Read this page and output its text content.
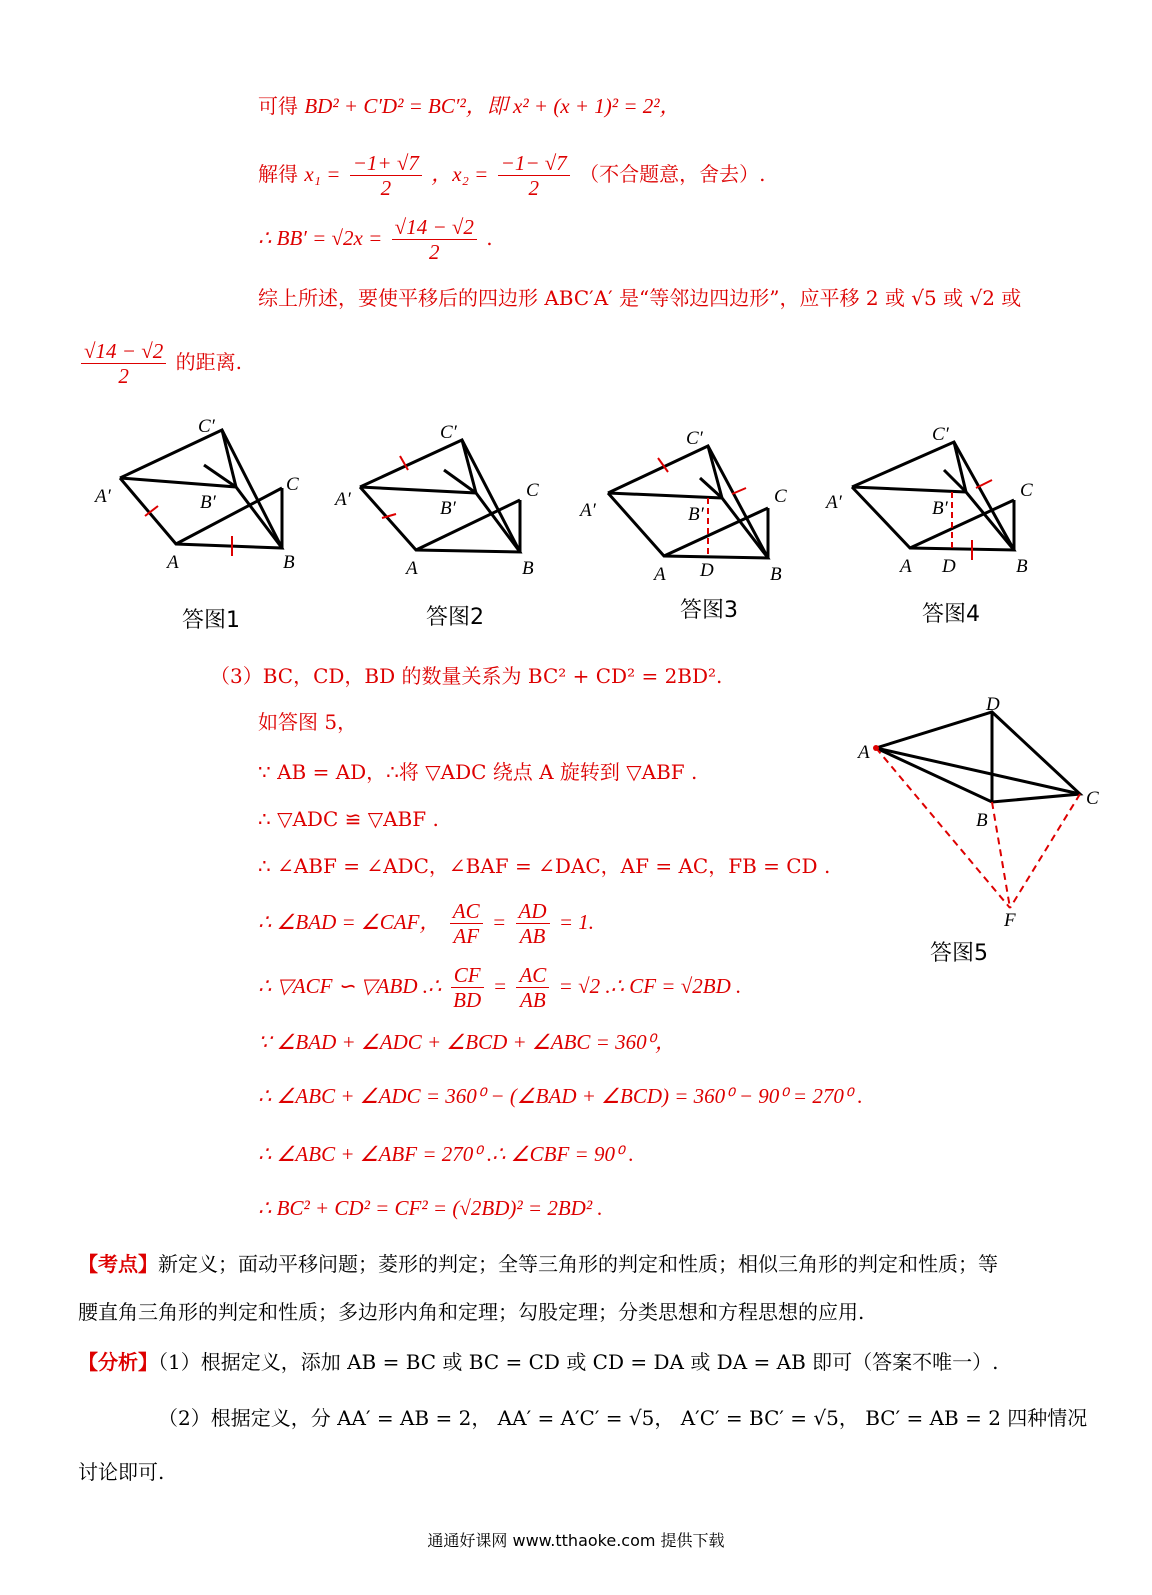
可得 BD² + C′D² = BC′²，即 x² + (x + 1)² = 2²，
解得 $x_1 = \frac{-1+ √7}{2}$ ，$x_2 = \frac{-1- √7}{2}$ （不合题意，舍去）.
∴ $BB' = √2x = \frac{√14 - √2}{2}$ .
综上所述，要使平移后的四边形 ABC′A′ 是“等邻边四边形”，应平移 2 或 √5 或 √2 或
$\frac{√14 - √2}{2}$ 的距离.
A′
C′
B′
C
A	B
A′
C′
B′
C
A	B
A′
C′
B′
C
A D	B
A′
C′
B′
C
A D	B
答图1	答图2	答图3	答图4
（3）BC，CD，BD 的数量关系为 BC² + CD² = 2BD².
如答图 5，
∵ AB = AD，∴将 ▽ADC 绕点 A 旋转到 ▽ABF .
∴ ▽ADC ≌ ▽ABF .
∴ ∠ABF = ∠ADC，∠BAF = ∠DAC，AF = AC，FB = CD .
∴ ∠BAD = ∠CAF， $\frac{AC}{AF} = \frac{AD}{AB} = 1$.
∴ ▽ACF ∽ ▽ABD .∴ $\frac{CF}{BD} = \frac{AC}{AB} = √2$ .∴ CF = √2BD .
∵ ∠BAD + ∠ADC + ∠BCD + ∠ABC = 360⁰，
∴ ∠ABC + ∠ADC = 360⁰ − (∠BAD + ∠BCD) = 360⁰ − 90⁰ = 270⁰ .
∴ ∠ABC + ∠ABF = 270⁰ .∴ ∠CBF = 90⁰ .
∴ BC² + CD² = CF² = (√2BD)² = 2BD² .
A
D
C
B
F
答图5
【考点】新定义；面动平移问题；菱形的判定；全等三角形的判定和性质；相似三角形的判定和性质；等
腰直角三角形的判定和性质；多边形内角和定理；勾股定理；分类思想和方程思想的应用.
【分析】（1）根据定义，添加 AB = BC 或 BC = CD 或 CD = DA 或 DA = AB 即可（答案不唯一）.
（2）根据定义，分 AA′ = AB = 2， AA′ = A′C′ = √5， A′C′ = BC′ = √5， BC′ = AB = 2 四种情况
讨论即可.
通通好课网 www.tthaoke.com 提供下载
